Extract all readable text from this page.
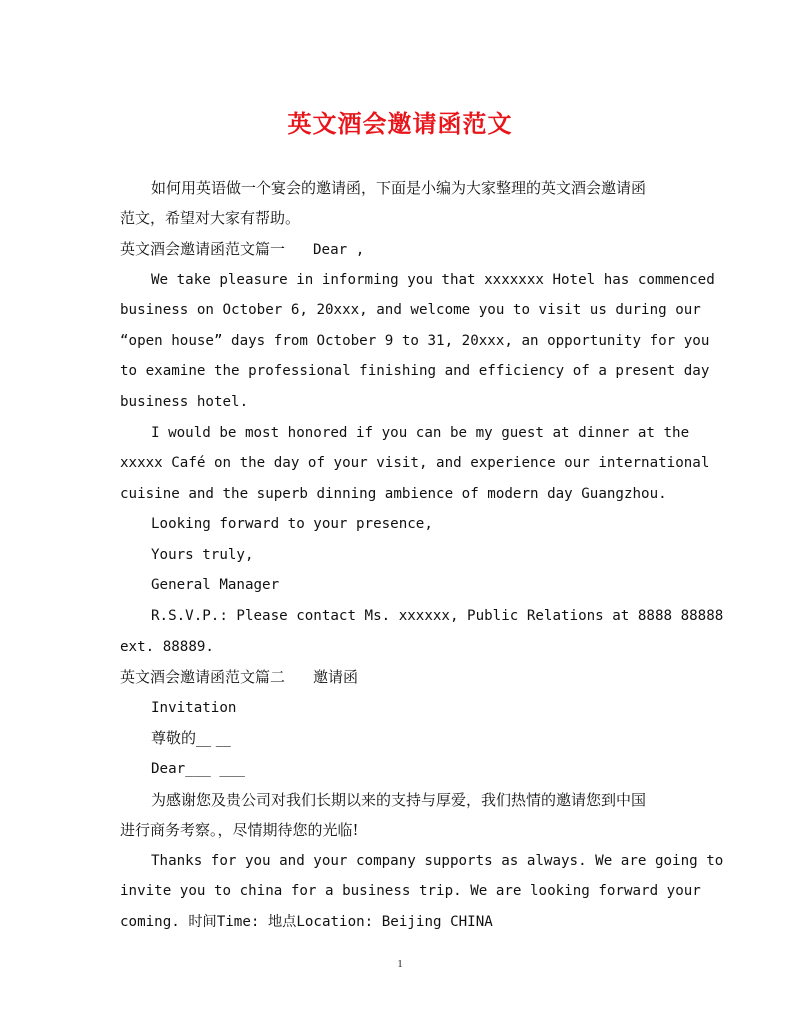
英文酒会邀请函范文
如何用英语做一个宴会的邀请函，下面是小编为大家整理的英文酒会邀请函
范文，希望对大家有帮助。
英文酒会邀请函范文篇一 Dear ,
We take pleasure in informing you that xxxxxxx Hotel has commenced
business on October 6, 20xxx, and welcome you to visit us during our
“open house” days from October 9 to 31, 20xxx, an opportunity for you
to examine the professional finishing and efficiency of a present day
business hotel.
I would be most honored if you can be my guest at dinner at the
xxxxx Café on the day of your visit, and experience our international
cuisine and the superb dinning ambience of modern day Guangzhou.
Looking forward to your presence,
Yours truly,
General Manager
R.S.V.P.: Please contact Ms. xxxxxx, Public Relations at 8888 88888
ext. 88889.
英文酒会邀请函范文篇二 邀请函
Invitation
尊敬的__ __
Dear___ ___
为感谢您及贵公司对我们长期以来的支持与厚爱，我们热情的邀请您到中国
进行商务考察。，尽情期待您的光临!
Thanks for you and your company supports as always. We are going to
invite you to china for a business trip. We are looking forward your
coming. 时间Time: 地点Location: Beijing CHINA
1
